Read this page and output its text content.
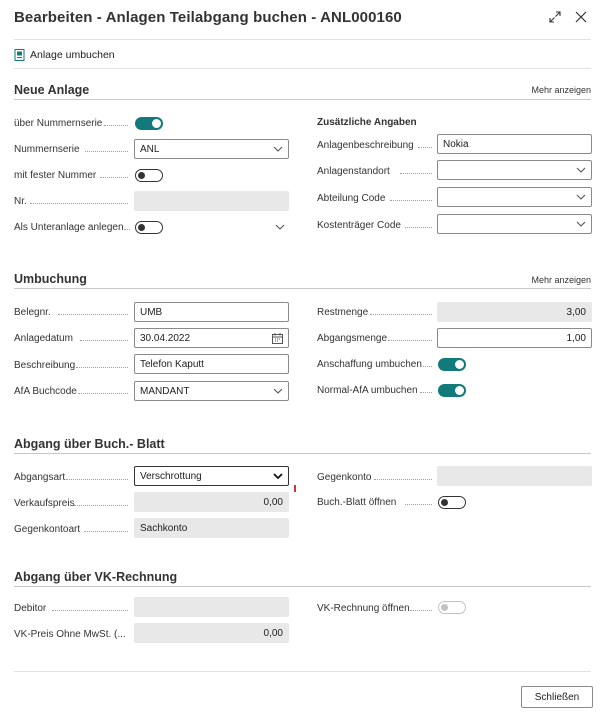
Bearbeiten - Anlagen Teilabgang buchen - ANL000160
Anlage umbuchen
Neue Anlage	Mehr anzeigen
über Nummernserie
Nummernserie	ANL
mit fester Nummer
Nr.
Als Unteranlage anlegen
Zusätzliche Angaben
Anlagenbeschreibung	Nokia
Anlagenstandort
Abteilung Code
Kostenträger Code
Umbuchung	Mehr anzeigen
Belegnr.	UMB
Anlagedatum	30.04.2022
Beschreibung	Telefon Kaputt
AfA Buchcode	MANDANT
Restmenge	3,00
Abgangsmenge	1,00
Anschaffung umbuchen
Normal-AfA umbuchen
Abgang über Buch.- Blatt
Abgangsart	Verschrottung
Verkaufspreis	0,00
Gegenkontoart	Sachkonto
Gegenkonto
Buch.-Blatt öffnen
Abgang über VK-Rechnung
Debitor
VK-Preis Ohne MwSt. (...	0,00
VK-Rechnung öffnen
Schließen
